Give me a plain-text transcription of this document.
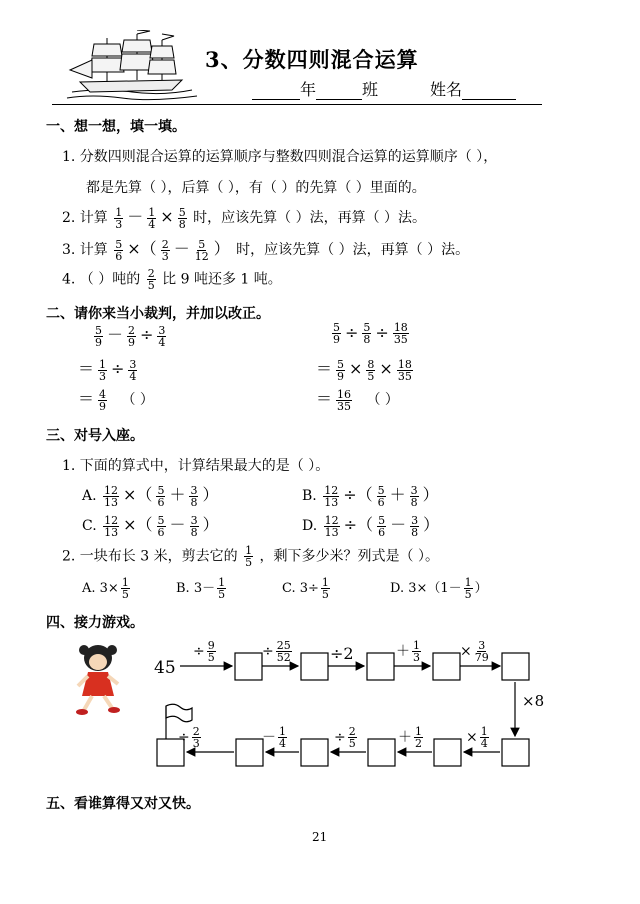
3、分数四则混合运算
年	班	姓名
一、想一想，填一填。
1. 分数四则混合运算的运算顺序与整数四则混合运算的运算顺序（ ），
都是先算（ ），后算（ ），有（ ）的先算（ ）里面的。
2. 计算 $\frac{1}{3} - \frac{1}{4} \times \frac{5}{8}$ 时，应该先算（ ）法，再算（ ）法。
3. 计算 $\frac{5}{6}$ ×（ $\frac{2}{3} - \frac{5}{12}$ ） 时，应该先算（ ）法，再算（ ）法。
4. （ ）吨的 $\frac{2}{5}$ 比 9 吨还多 1 吨。
二、请你来当小裁判，并加以改正。
$\frac{5}{9} - \frac{2}{9} \div \frac{3}{4}$
＝ $\frac{1}{3} \div \frac{3}{4}$
＝ $\frac{4}{9}$ （ ）
$\frac{5}{9} \div \frac{5}{8} \div \frac{18}{35}$
＝ $\frac{5}{9} \times \frac{8}{5} \times \frac{18}{35}$
＝ $\frac{16}{35}$ （ ）
三、对号入座。
1. 下面的算式中，计算结果最大的是（ ）。
A. $\frac{12}{13}$ ×（ $\frac{5}{6} + \frac{3}{8}$ ）	B. $\frac{12}{13}$ ÷（ $\frac{5}{6} + \frac{3}{8}$ ）
C. $\frac{12}{13}$ ×（ $\frac{5}{6} - \frac{3}{8}$ ）	D. $\frac{12}{13}$ ÷（ $\frac{5}{6} - \frac{3}{8}$ ）
2. 一块布长 3 米，剪去它的 $\frac{1}{5}$ ，剩下多少米？列式是（ ）。
A. $3\times \frac{1}{5}$	B. $3- \frac{1}{5}$	C. $3\div \frac{1}{5}$	D. $3\times(1- \frac{1}{5}$ ）
四、接力游戏。
45
÷ $\frac{9}{5}$	÷ $\frac{25}{52} \div 2$	＋ $\frac{1}{3}$	× $\frac{3}{79}$
×8
× $\frac{1}{4}$
＋ $\frac{1}{2}$
÷ $\frac{2}{5}$
－ $\frac{1}{4}$
÷ $\frac{2}{3}$
五、看谁算得又对又快。
21
